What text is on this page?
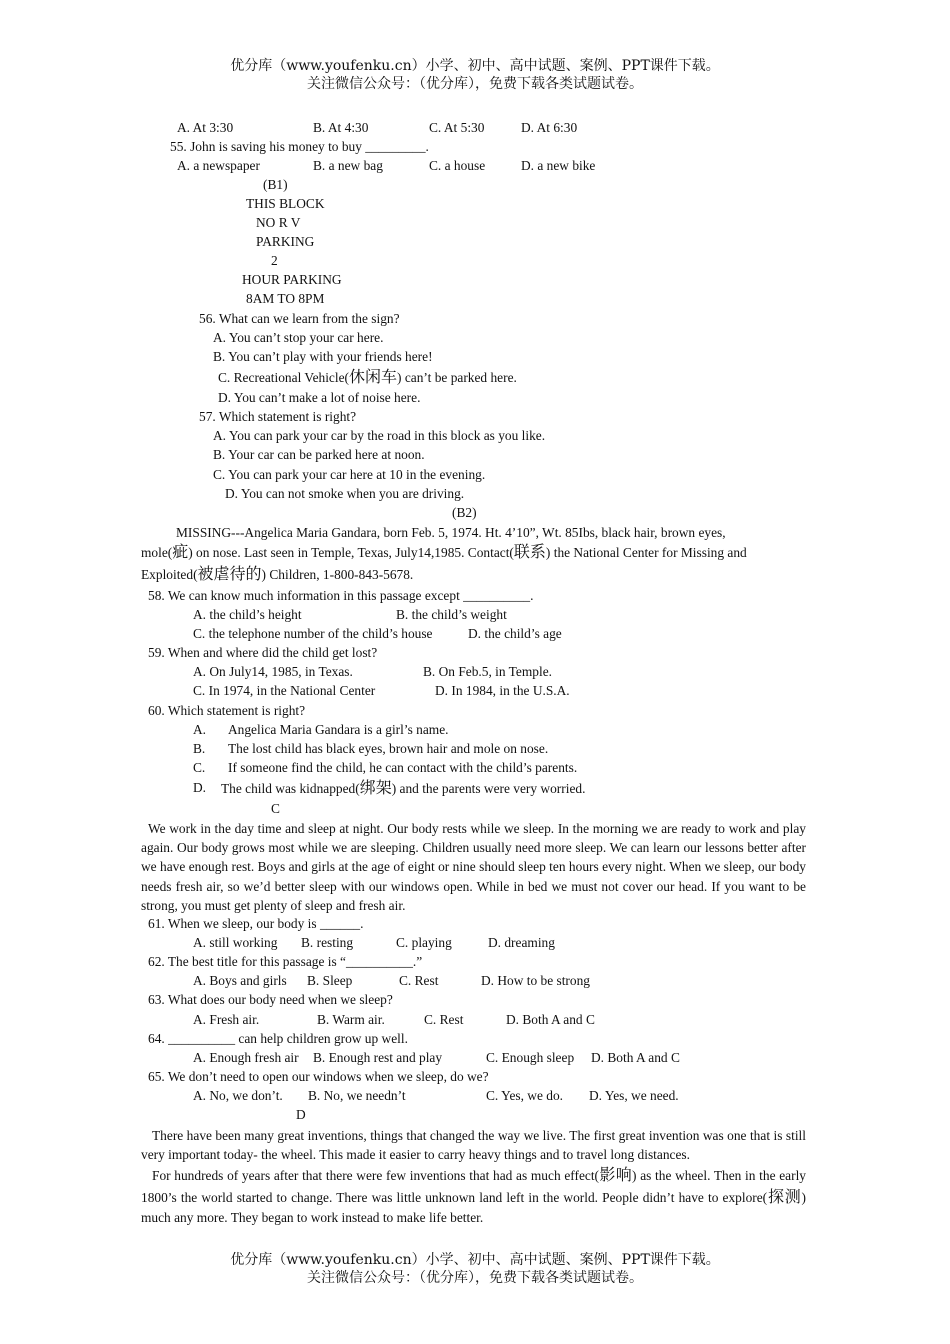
优分库（www.youfenku.cn）小学、初中、高中试题、案例、PPT课件下载。
关注微信公众号：（优分库），免费下载各类试题试卷。
A. At 3:30	B. At 4:30	C. At 5:30	D. At 6:30
55. John is saving his money to buy _________.
A. a newspaper	B. a new bag	C. a house	D. a new bike
(B1)
THIS BLOCK
NO R V
PARKING
2
HOUR PARKING
8AM TO 8PM
56. What can we learn from the sign?
A. You can’t stop your car here.
B. You can’t play with your friends here!
C. Recreational Vehicle(休闲车) can’t be parked here.
D. You can’t make a lot of noise here.
57. Which statement is right?
A. You can park your car by the road in this block as you like.
B. Your car can be parked here at noon.
C. You can park your car here at 10 in the evening.
D. You can not smoke when you are driving.
(B2)
MISSING---Angelica Maria Gandara, born Feb. 5, 1974. Ht. 4’10”, Wt. 85Ibs, black hair, brown eyes,
mole(疵) on nose. Last seen in Temple, Texas, July14,1985. Contact(联系) the National Center for Missing and
Exploited(被虐待的) Children, 1-800-843-5678.
58. We can know much information in this passage except __________.
A. the child’s height	B. the child’s weight
C. the telephone number of the child’s house	D. the child’s age
59. When and where did the child get lost?
A. On July14, 1985, in Texas.	B. On Feb.5, in Temple.
C. In 1974, in the National Center	D. In 1984, in the U.S.A.
60. Which statement is right?
A. Angelica Maria Gandara is a girl’s name.
B. The lost child has black eyes, brown hair and mole on nose.
C. If someone find the child, he can contact with the child’s parents.
D. The child was kidnapped(绑架) and the parents were very worried.
C
We work in the day time and sleep at night. Our body rests while we sleep. In the morning we are ready to work and play again. Our body grows most while we are sleeping. Children usually need more sleep. We can learn our lessons better after we have enough rest. Boys and girls at the age of eight or nine should sleep ten hours every night. When we sleep, our body needs fresh air, so we’d better sleep with our windows open. While in bed we must not cover our head. If you want to be strong, you must get plenty of sleep and fresh air.
61. When we sleep, our body is ______.
A. still working B. resting	C. playing	D. dreaming
62. The best title for this passage is “__________.”
A. Boys and girls B. Sleep	C. Rest	D. How to be strong
63. What does our body need when we sleep?
A. Fresh air.	B. Warm air.	C. Rest	D. Both A and C
64. __________ can help children grow up well.
A. Enough fresh air B. Enough rest and play	C. Enough sleep D. Both A and C
65. We don’t need to open our windows when we sleep, do we?
A. No, we don’t. B. No, we needn’t	C. Yes, we do. D. Yes, we need.
D
There have been many great inventions, things that changed the way we live. The first great invention was one that is still very important today- the wheel. This made it easier to carry heavy things and to travel long distances.
For hundreds of years after that there were few inventions that had as much effect(影响) as the wheel. Then in the early 1800’s the world started to change. There was little unknown land left in the world. People didn’t have to explore(探测) much any more. They began to work instead to make life better.
优分库（www.youfenku.cn）小学、初中、高中试题、案例、PPT课件下载。
关注微信公众号：（优分库），免费下载各类试题试卷。
